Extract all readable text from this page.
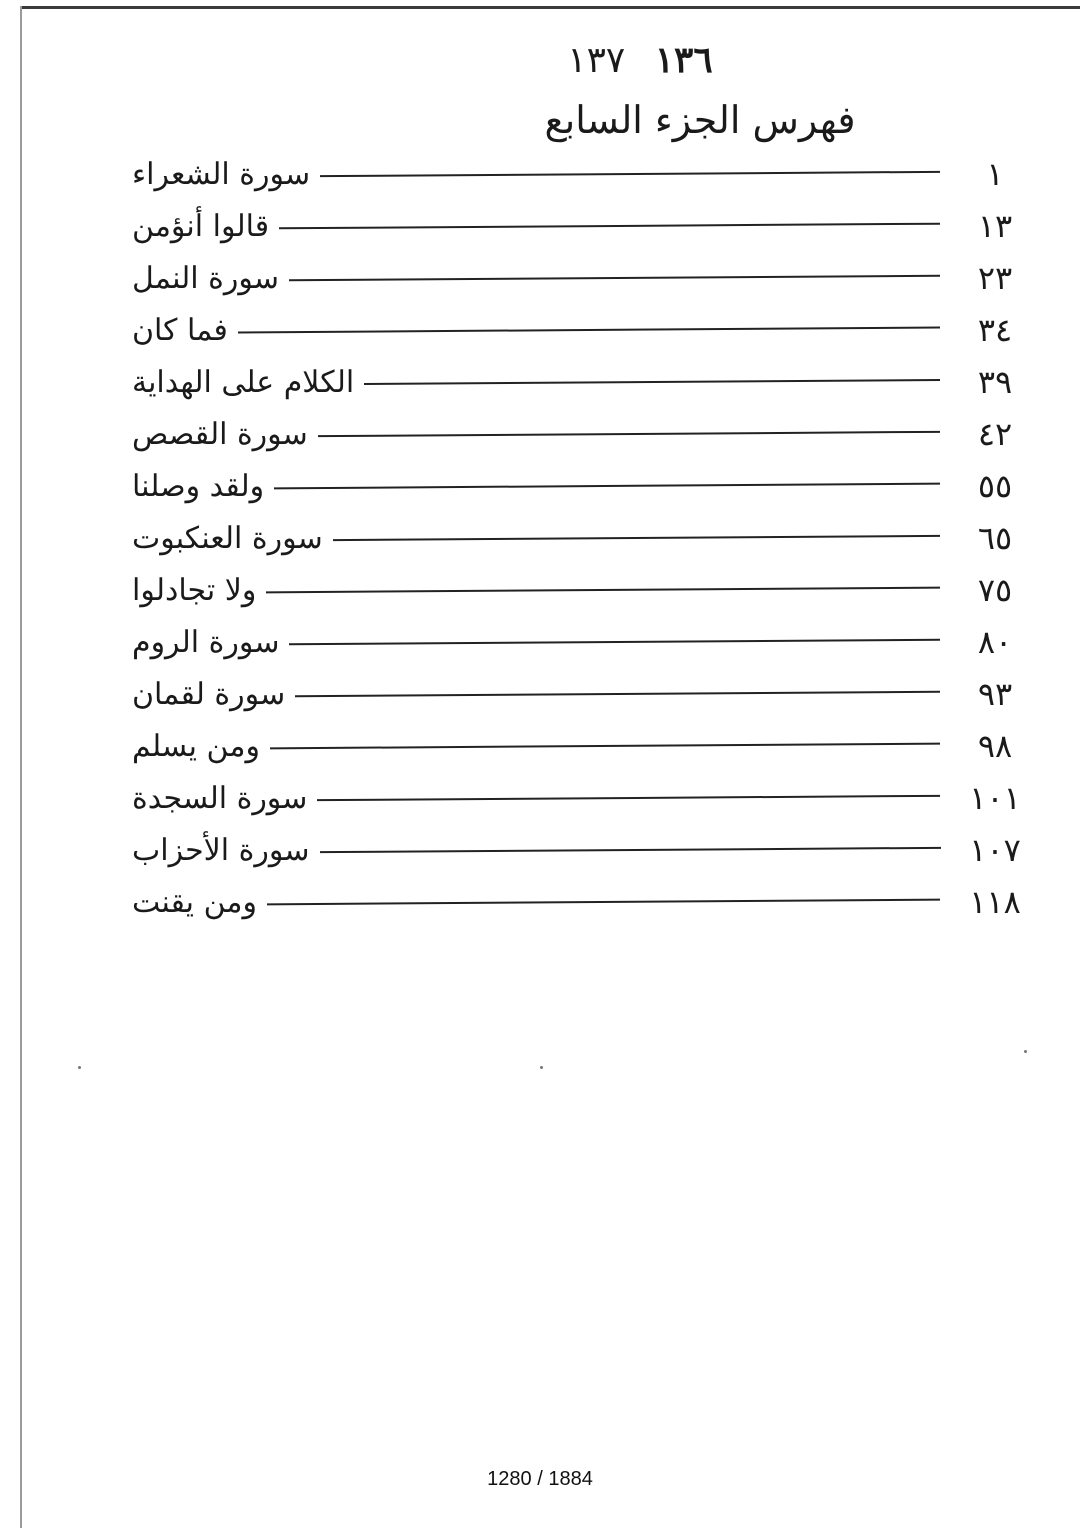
١٣٦ ١٣٧
فهرس الجزء السابع
سورة الشعراء	١
قالوا أنؤمن	١٣
سورة النمل	٢٣
فما كان	٣٤
الكلام على الهداية	٣٩
سورة القصص	٤٢
ولقد وصلنا	٥٥
سورة العنكبوت	٦٥
ولا تجادلوا	٧٥
سورة الروم	٨٠
سورة لقمان	٩٣
ومن يسلم	٩٨
سورة السجدة	١٠١
سورة الأحزاب	١٠٧
ومن يقنت	١١٨
1280 / 1884
